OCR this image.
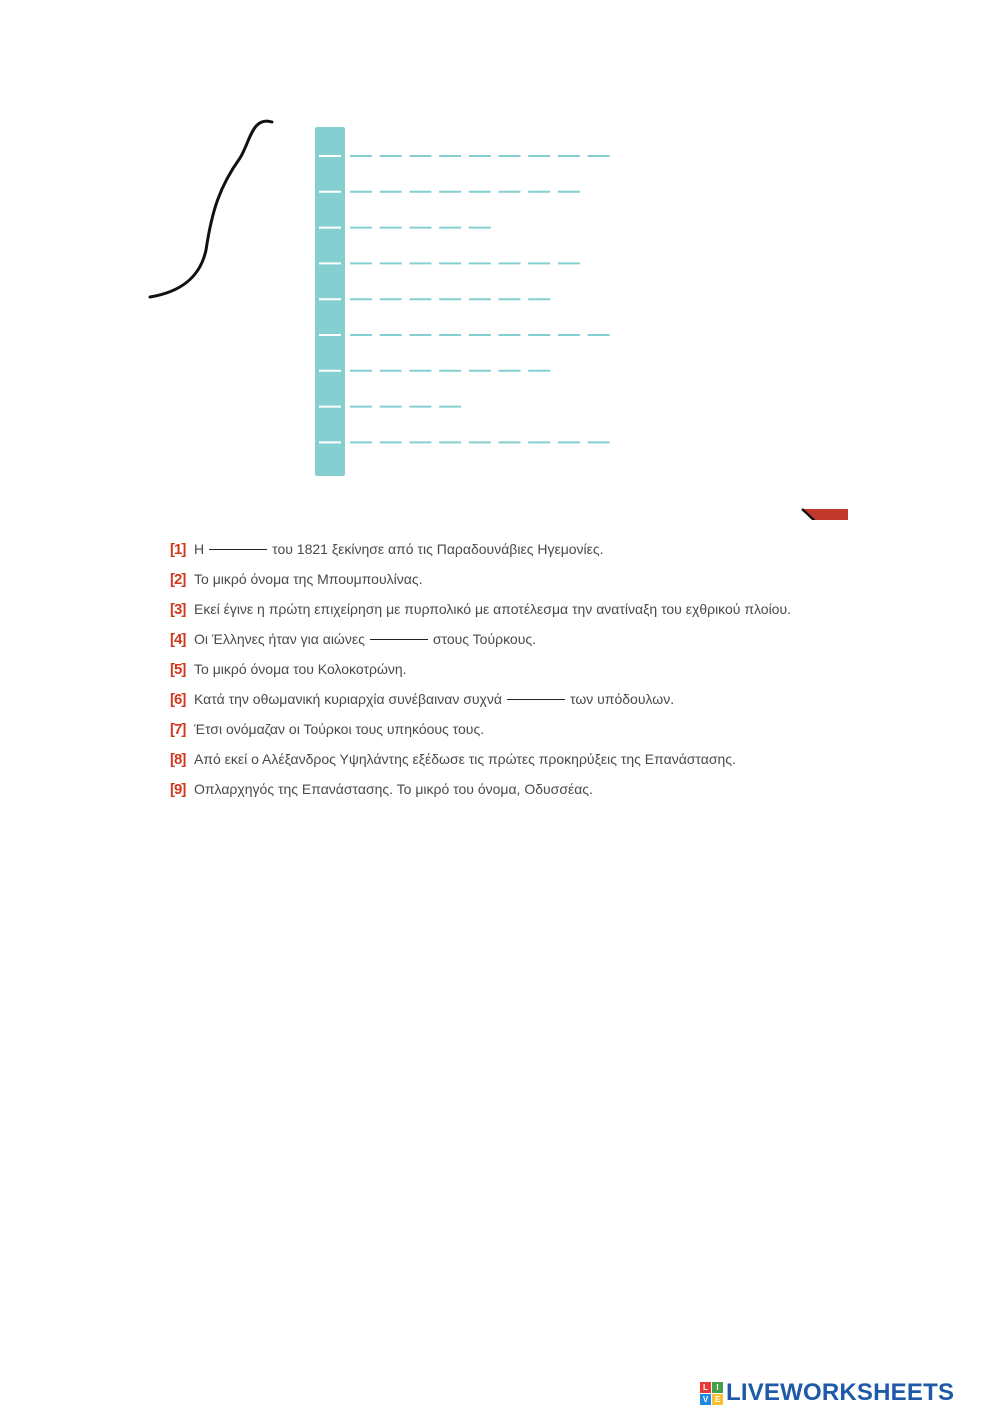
[ 1 ] Η	του 1821 ξεκίνησε από τις Παραδουνάβιες Ηγεμονίες.
[ 2 ] Το μικρό όνομα της Μπουμπουλίνας.
[ 3 ] Εκεί έγινε η πρώτη επιχείρηση με πυρπολικό με αποτέλεσμα την ανατίναξη του εχθρικού πλοίου.
[ 4 ] Οι Έλληνες ήταν για αιώνες	στους Τούρκους.
[ 5 ] Το μικρό όνομα του Κολοκοτρώνη.
[ 6 ] Κατά την οθωμανική κυριαρχία συνέβαιναν συχνά	των υπόδουλων.
[ 7 ] Έτσι ονόμαζαν οι Τούρκοι τους υπηκόους τους.
[ 8 ] Από εκεί ο Αλέξανδρος Υψηλάντης εξέδωσε τις πρώτες προκηρύξεις της Επανάστασης.
[ 9 ] Οπλαρχηγός της Επανάστασης. Το μικρό του όνομα, Οδυσσέας.
L	I
V E LIVEWORKSHEETS
